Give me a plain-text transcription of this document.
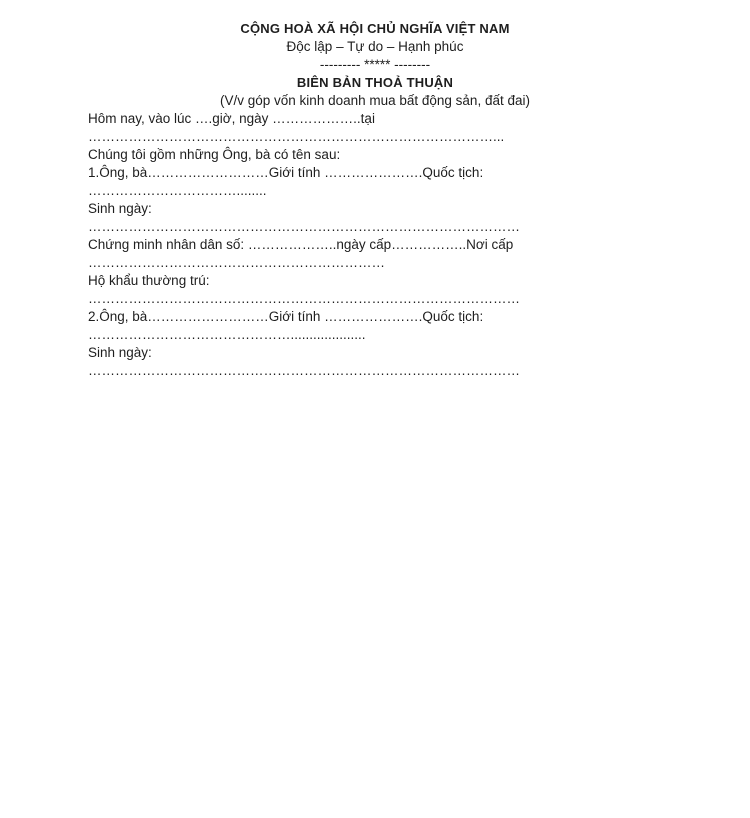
CỘNG HOÀ XÃ HỘI CHỦ NGHĨA VIỆT NAM

Độc lập – Tự do – Hạnh phúc

--------- ***** --------

BIÊN BẢN THOẢ THUẬN

(V/v góp vốn kinh doanh mua bất động sản, đất đai)

Hôm nay, vào lúc ….giờ, ngày ………………..tại

………………………………………………………………………………...

Chúng tôi gồm những Ông, bà có tên sau:

1.Ông, bà………………………Giới tính ………………….Quốc tịch:

……………………………........

Sinh ngày:

……………………………………………………………………………………

Chứng minh nhân dân số: ………………..ngày cấp……………..Nơi cấp

…………………………………………………………

Hộ khẩu thường trú:

……………………………………………………………………………………

2.Ông, bà………………………Giới tính ………………….Quốc tịch:

………………………………………....................

Sinh ngày:

……………………………………………………………………………………
